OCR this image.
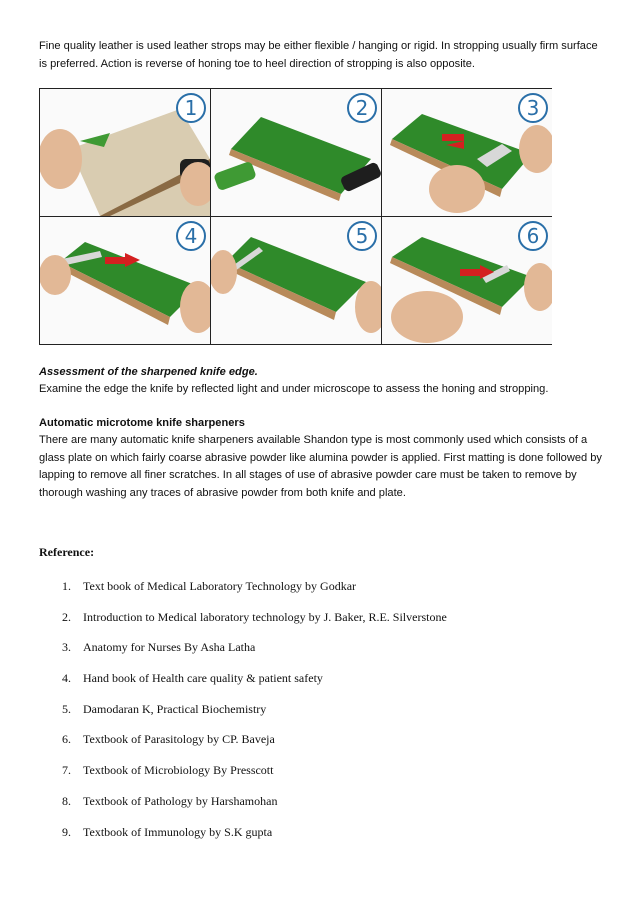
Fine quality leather is used leather strops may be either flexible / hanging or rigid. In stropping usually firm surface is preferred. Action is reverse of honing toe to heel direction of stropping is also opposite.
1	2	3
4	5	6
Assessment of the sharpened knife edge.
Examine the edge the knife by reflected light and under microscope to assess the honing and stropping.
Automatic microtome knife sharpeners
There are many automatic knife sharpeners available Shandon type is most commonly used which consists of a glass plate on which fairly coarse abrasive powder like alumina powder is applied. First matting is done followed by lapping to remove all finer scratches. In all stages of use of abrasive powder care must be taken to remove by thorough washing any traces of abrasive powder from both knife and plate.
Reference:
1.	Text book of Medical Laboratory Technology by Godkar
2.	Introduction to Medical laboratory technology by J. Baker, R.E. Silverstone
3.	Anatomy for Nurses By Asha Latha
4.	Hand book of Health care quality & patient safety
5.	Damodaran K, Practical Biochemistry
6.	Textbook of Parasitology by CP. Baveja
7.	Textbook of Microbiology By Presscott
8.	Textbook of Pathology by Harshamohan
9.	Textbook of Immunology by S.K gupta
